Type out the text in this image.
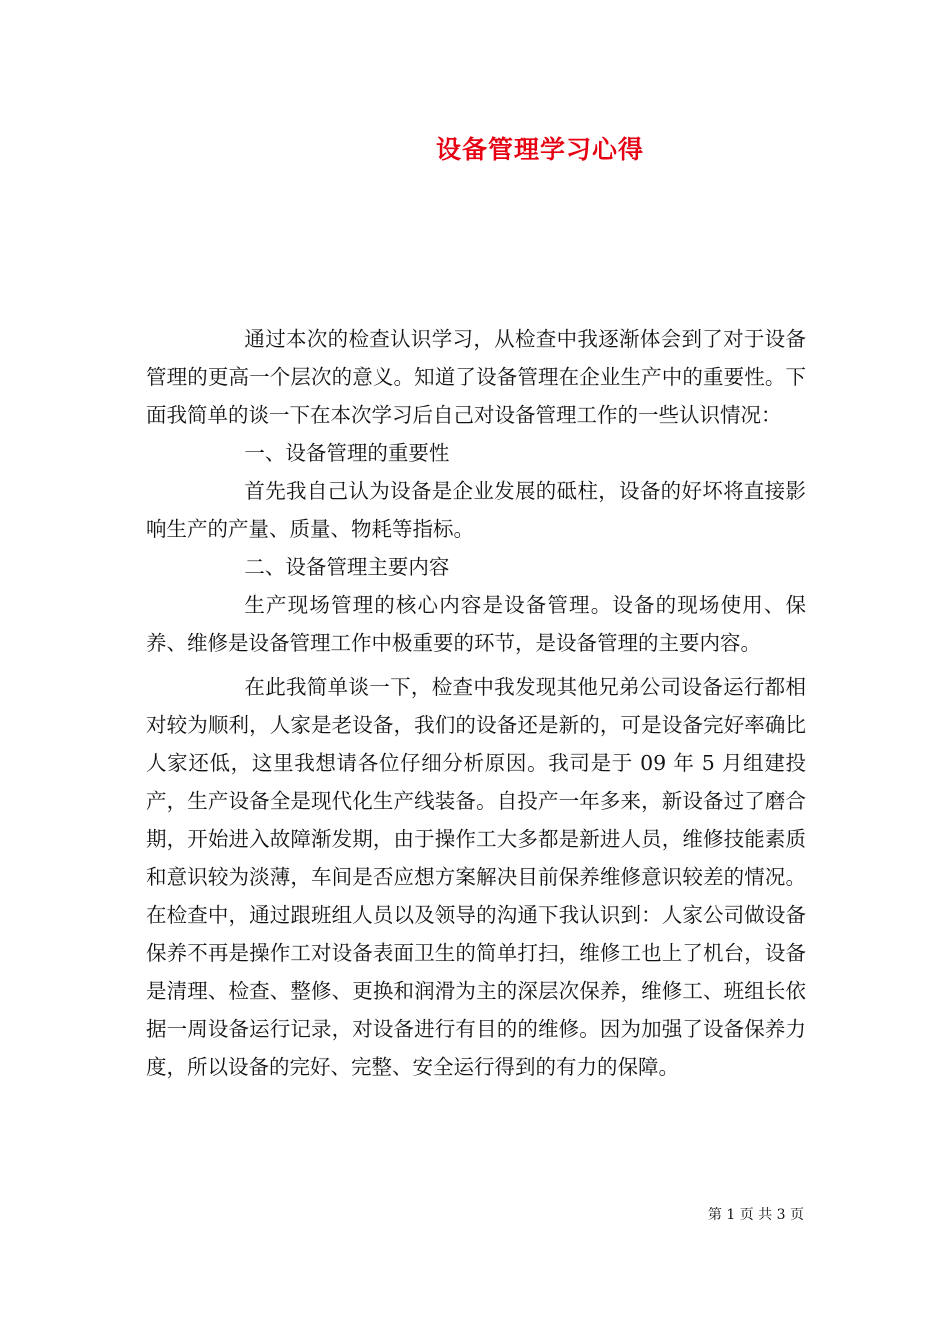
设备管理学习心得

通过本次的检查认识学习，从检查中我逐渐体会到了对于设备管理的更高一个层次的意义。知道了设备管理在企业生产中的重要性。下面我简单的谈一下在本次学习后自己对设备管理工作的一些认识情况：

一、设备管理的重要性

首先我自己认为设备是企业发展的砥柱，设备的好坏将直接影响生产的产量、质量、物耗等指标。

二、设备管理主要内容

生产现场管理的核心内容是设备管理。设备的现场使用、保养、维修是设备管理工作中极重要的环节，是设备管理的主要内容。

在此我简单谈一下，检查中我发现其他兄弟公司设备运行都相对较为顺利，人家是老设备，我们的设备还是新的，可是设备完好率确比人家还低，这里我想请各位仔细分析原因。我司是于 09 年 5 月组建投产，生产设备全是现代化生产线装备。自投产一年多来，新设备过了磨合期，开始进入故障渐发期，由于操作工大多都是新进人员，维修技能素质和意识较为淡薄，车间是否应想方案解决目前保养维修意识较差的情况。在检查中，通过跟班组人员以及领导的沟通下我认识到：人家公司做设备保养不再是操作工对设备表面卫生的简单打扫，维修工也上了机台，设备是清理、检查、整修、更换和润滑为主的深层次保养，维修工、班组长依据一周设备运行记录，对设备进行有目的的维修。因为加强了设备保养力度，所以设备的完好、完整、安全运行得到的有力的保障。

第 1 页 共 3 页
